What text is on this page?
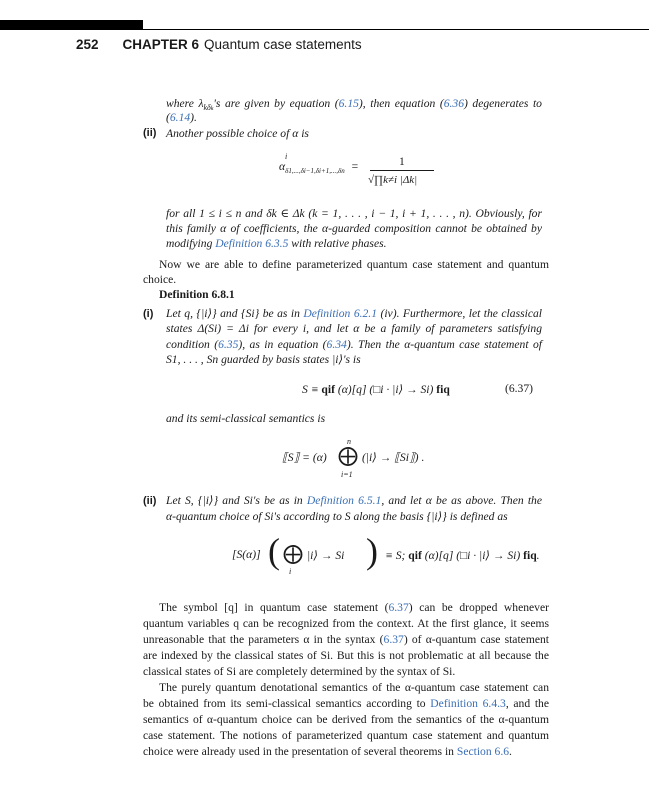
252 CHAPTER 6 Quantum case statements
where $\lambda_{k\delta k}'s$ are given by equation (6.15), then equation (6.36) degenerates to
(6.14).
(ii) Another possible choice of α is
$\alpha_{\delta 1,...,\delta i-1,\delta i+1,...,\delta n}$ =
i	1
√∏k≠i |Δk|
for all 1 ≤ i ≤ n and δk ∈ Δk (k = 1, . . . , i − 1, i + 1, . . . , n). Obviously, for
this family α of coefficients, the α-guarded composition cannot be obtained by
modifying Definition 6.3.5 with relative phases.
Now we are able to define parameterized quantum case statement and quantum
choice.
Definition 6.8.1
(i) Let q, {|i⟩} and {Si} be as in Definition 6.2.1 (iv). Furthermore, let the classical
states Δ(Si) = Δi for every i, and let α be a family of parameters satisfying
condition (6.35), as in equation (6.34). Then the α-quantum case statement of
S1, . . . , Sn guarded by basis states |i⟩'s is
S ≡ qif (α)[q] (□i · |i⟩ → Si) fiq	(6.37)
and its semi-classical semantics is
⟦S⟧ = (α)
n
⨁
i=1
(|i⟩ → ⟦Si⟧) .
(ii) Let S, {|i⟩} and Si's be as in Definition 6.5.1, and let α be as above. Then the
α-quantum choice of Si's according to S along the basis {|i⟩} is defined as
[S(α)] ( ⨁
i
|i⟩ → Si ) ≡ S; qif (α)[q] (□i · |i⟩ → Si) fiq.
The symbol [q] in quantum case statement (6.37) can be dropped whenever
quantum variables q can be recognized from the context. At the first glance, it seems
unreasonable that the parameters α in the syntax (6.37) of α-quantum case statement
are indexed by the classical states of Si. But this is not problematic at all because the
classical states of Si are completely determined by the syntax of Si.
The purely quantum denotational semantics of the α-quantum case statement can
be obtained from its semi-classical semantics according to Definition 6.4.3, and the
semantics of α-quantum choice can be derived from the semantics of the α-quantum
case statement. The notions of parameterized quantum case statement and quantum
choice were already used in the presentation of several theorems in Section 6.6.
